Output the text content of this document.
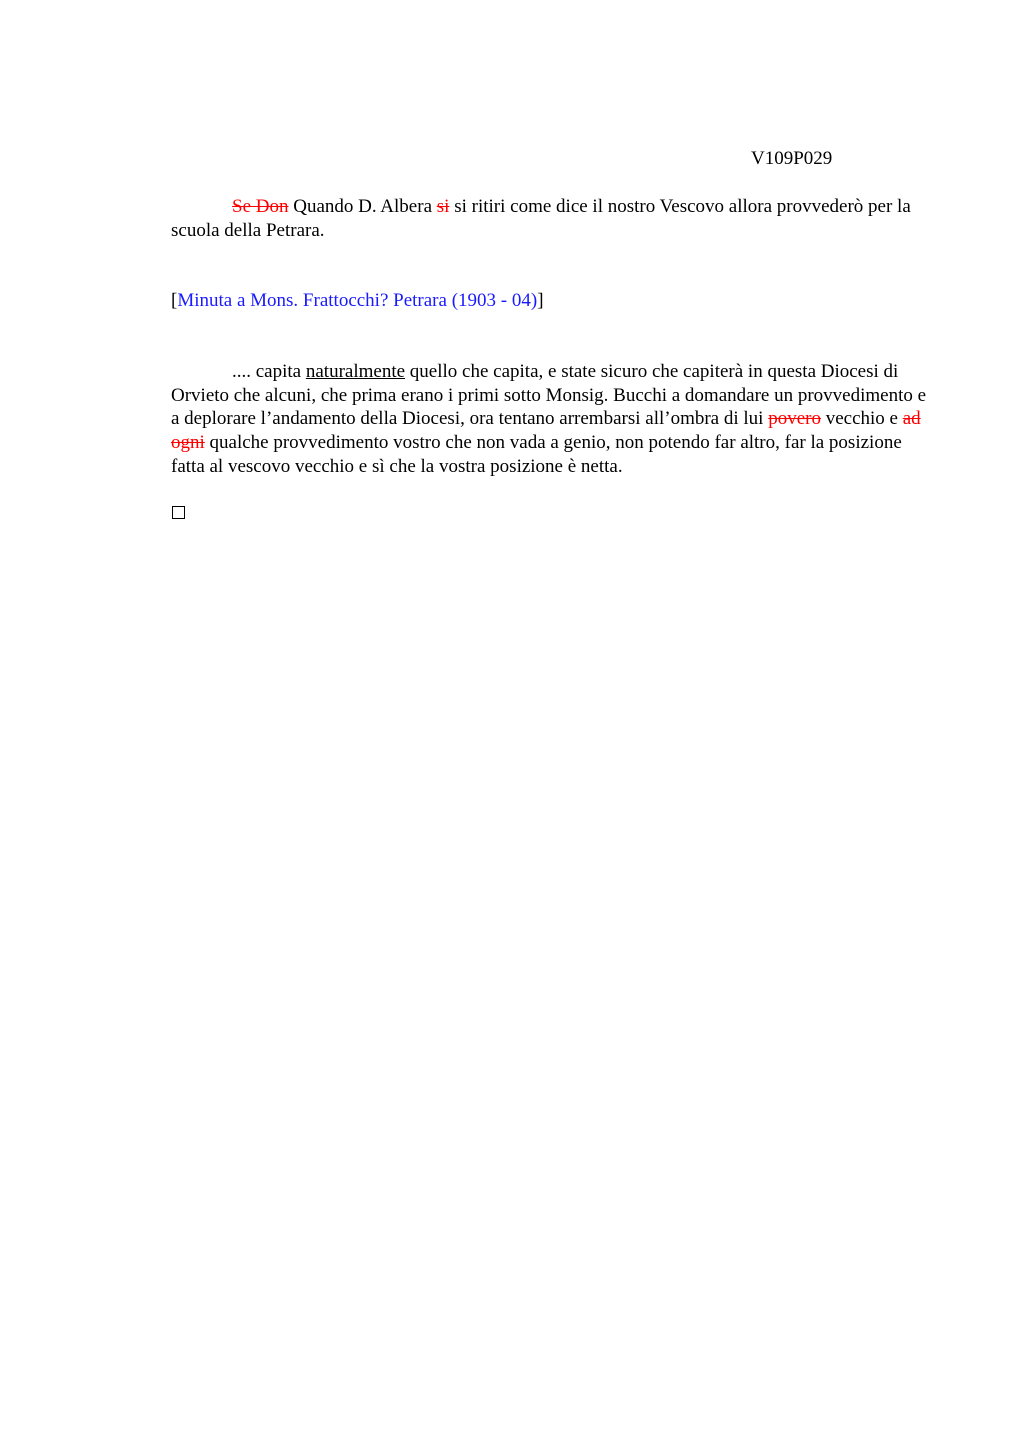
V109P029

Se Don Quando D. Albera si si ritiri come dice il nostro Vescovo allora provvederò per la scuola della Petrara.

[Minuta a Mons. Frattocchi? Petrara (1903 - 04)]

.... capita naturalmente quello che capita, e state sicuro che capiterà in questa Diocesi di Orvieto che alcuni, che prima erano i primi sotto Monsig. Bucchi a domandare un provvedimento e a deplorare l’andamento della Diocesi, ora tentano arrembarsi all’ombra di lui povero vecchio e ad ogni qualche provvedimento vostro che non vada a genio, non potendo far altro, far la posizione fatta al vescovo vecchio e sì che la vostra posizione è netta.
